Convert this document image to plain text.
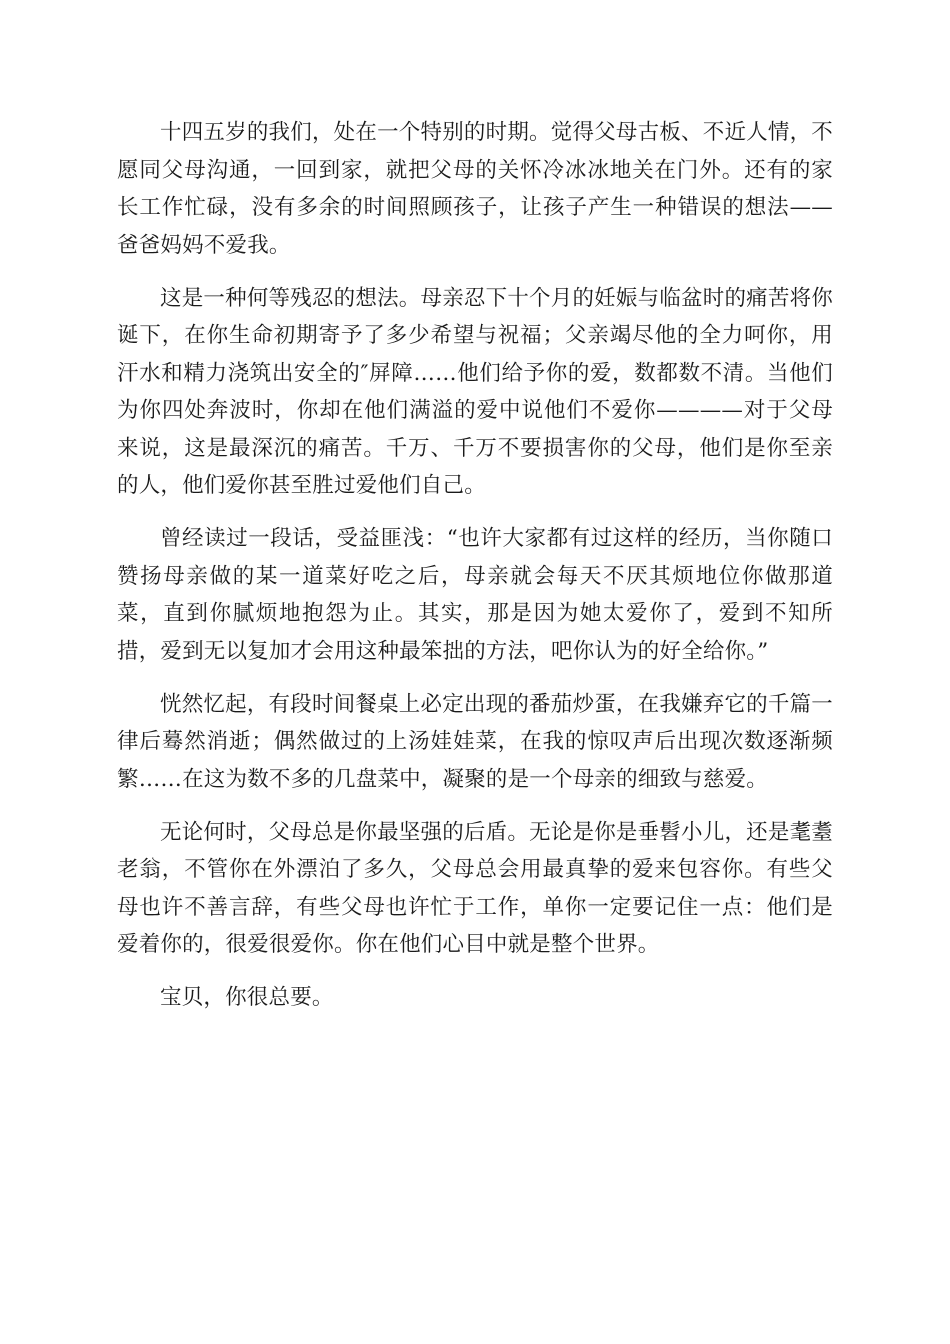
十四五岁的我们，处在一个特别的时期。觉得父母古板、不近人情，不愿同父母沟通，一回到家，就把父母的关怀冷冰冰地关在门外。还有的家长工作忙碌，没有多余的时间照顾孩子，让孩子产生一种错误的想法——爸爸妈妈不爱我。

这是一种何等残忍的想法。母亲忍下十个月的妊娠与临盆时的痛苦将你诞下，在你生命初期寄予了多少希望与祝福；父亲竭尽他的全力呵你，用汗水和精力浇筑出安全的″屏障……他们给予你的爱，数都数不清。当他们为你四处奔波时，你却在他们满溢的爱中说他们不爱你————对于父母来说，这是最深沉的痛苦。千万、千万不要损害你的父母，他们是你至亲的人，他们爱你甚至胜过爱他们自己。

曾经读过一段话，受益匪浅：“也许大家都有过这样的经历，当你随口赞扬母亲做的某一道菜好吃之后，母亲就会每天不厌其烦地位你做那道菜，直到你腻烦地抱怨为止。其实，那是因为她太爱你了，爱到不知所措，爱到无以复加才会用这种最笨拙的方法，吧你认为的好全给你。”

恍然忆起，有段时间餐桌上必定出现的番茄炒蛋，在我嫌弃它的千篇一律后蓦然消逝；偶然做过的上汤娃娃菜，在我的惊叹声后出现次数逐渐频繁……在这为数不多的几盘菜中，凝聚的是一个母亲的细致与慈爱。

无论何时，父母总是你最坚强的后盾。无论是你是垂髫小儿，还是耄耋老翁，不管你在外漂泊了多久，父母总会用最真挚的爱来包容你。有些父母也许不善言辞，有些父母也许忙于工作，单你一定要记住一点：他们是爱着你的，很爱很爱你。你在他们心目中就是整个世界。

宝贝，你很总要。
